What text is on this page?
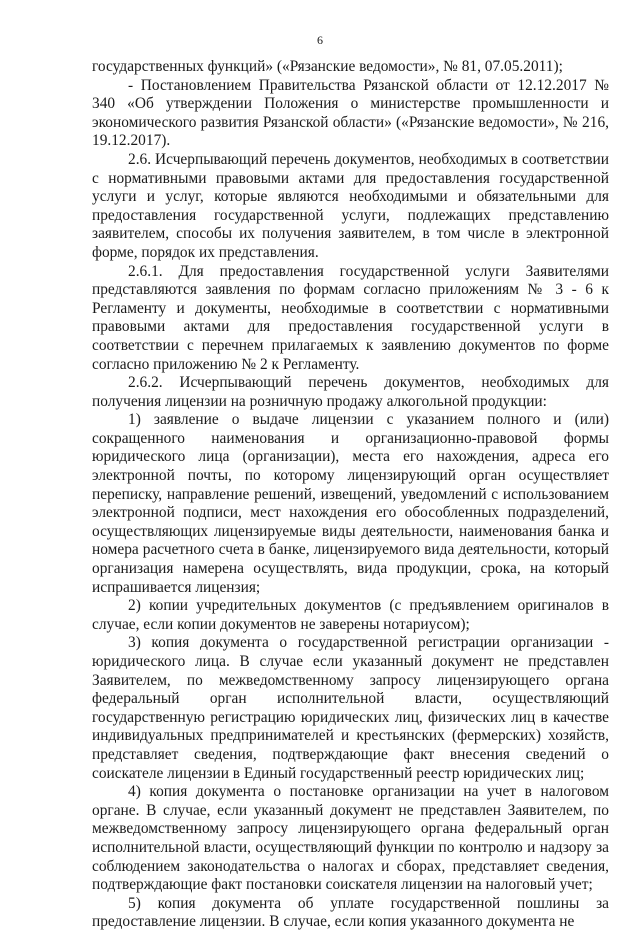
6

государственных функций» («Рязанские ведомости», № 81, 07.05.2011);

- Постановлением Правительства Рязанской области от 12.12.2017 № 340 «Об утверждении Положения о министерстве промышленности и экономического развития Рязанской области» («Рязанские ведомости», № 216, 19.12.2017).

2.6. Исчерпывающий перечень документов, необходимых в соответствии с нормативными правовыми актами для предоставления государственной услуги и услуг, которые являются необходимыми и обязательными для предоставления государственной услуги, подлежащих представлению заявителем, способы их получения заявителем, в том числе в электронной форме, порядок их представления.

2.6.1. Для предоставления государственной услуги Заявителями представляются заявления по формам согласно приложениям № 3 - 6 к Регламенту и документы, необходимые в соответствии с нормативными правовыми актами для предоставления государственной услуги в соответствии с перечнем прилагаемых к заявлению документов по форме согласно приложению № 2 к Регламенту.

2.6.2. Исчерпывающий перечень документов, необходимых для получения лицензии на розничную продажу алкогольной продукции:

1) заявление о выдаче лицензии с указанием полного и (или) сокращенного наименования и организационно-правовой формы юридического лица (организации), места его нахождения, адреса его электронной почты, по которому лицензирующий орган осуществляет переписку, направление решений, извещений, уведомлений с использованием электронной подписи, мест нахождения его обособленных подразделений, осуществляющих лицензируемые виды деятельности, наименования банка и номера расчетного счета в банке, лицензируемого вида деятельности, который организация намерена осуществлять, вида продукции, срока, на который испрашивается лицензия;

2) копии учредительных документов (с предъявлением оригиналов в случае, если копии документов не заверены нотариусом);

3) копия документа о государственной регистрации организации - юридического лица. В случае если указанный документ не представлен Заявителем, по межведомственному запросу лицензирующего органа федеральный орган исполнительной власти, осуществляющий государственную регистрацию юридических лиц, физических лиц в качестве индивидуальных предпринимателей и крестьянских (фермерских) хозяйств, представляет сведения, подтверждающие факт внесения сведений о соискателе лицензии в Единый государственный реестр юридических лиц;

4) копия документа о постановке организации на учет в налоговом органе. В случае, если указанный документ не представлен Заявителем, по межведомственному запросу лицензирующего органа федеральный орган исполнительной власти, осуществляющий функции по контролю и надзору за соблюдением законодательства о налогах и сборах, представляет сведения, подтверждающие факт постановки соискателя лицензии на налоговый учет;

5) копия документа об уплате государственной пошлины за предоставление лицензии. В случае, если копия указанного документа не
